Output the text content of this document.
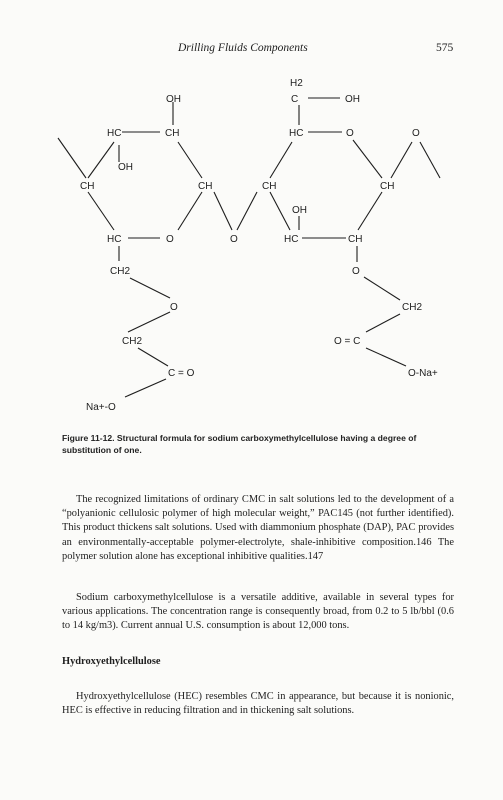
Drilling Fluids Components	575
OH
H2
C	OH
HC	CH	HC	O	O
OH
CH	CH	CH	CH
OH
HC	O	O	HC	CH
CH2	O
O	CH2
CH2	O = C
C = O	O-Na+
Na+-O
Figure 11-12. Structural formula for sodium carboxymethylcellulose having a degree of substitution of one.

The recognized limitations of ordinary CMC in salt solutions led to the development of a “polyanionic cellulosic polymer of high molecular weight,” PAC145 (not further identified). This product thickens salt solutions. Used with diammonium phosphate (DAP), PAC provides an environmentally-acceptable polymer-electrolyte, shale-inhibitive composition.146 The polymer solution alone has exceptional inhibitive qualities.147

Sodium carboxymethylcellulose is a versatile additive, available in several types for various applications. The concentration range is consequently broad, from 0.2 to 5 lb/bbl (0.6 to 14 kg/m3). Current annual U.S. consumption is about 12,000 tons.

Hydroxyethylcellulose

Hydroxyethylcellulose (HEC) resembles CMC in appearance, but because it is nonionic, HEC is effective in reducing filtration and in thickening salt solutions.
